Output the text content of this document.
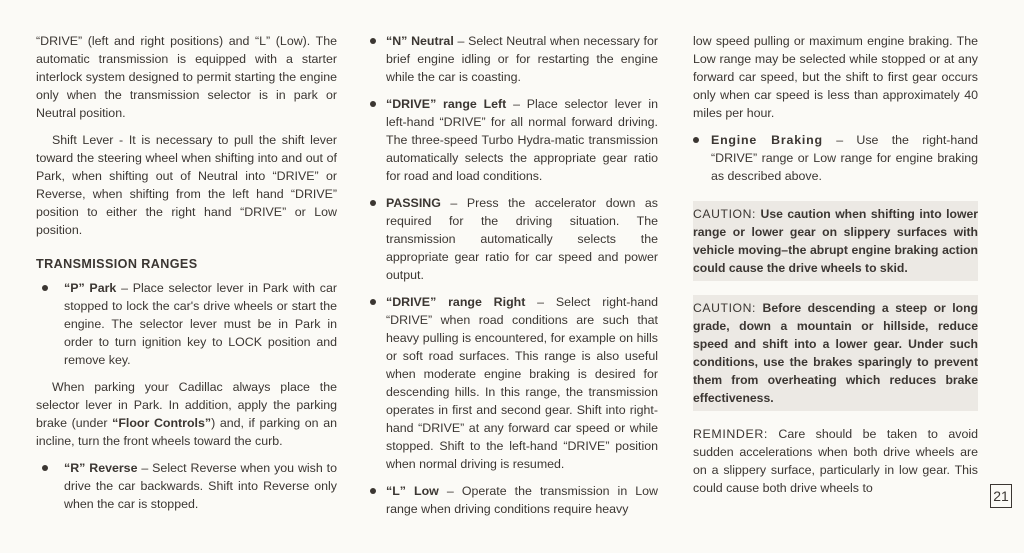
“DRIVE” (left and right positions) and “L” (Low). The automatic transmission is equipped with a starter interlock system designed to permit starting the engine only when the transmission selector is in park or Neutral position.

Shift Lever - It is necessary to pull the shift lever toward the steering wheel when shifting into and out of Park, when shifting out of Neutral into “DRIVE” or Reverse, when shifting from the left hand “DRIVE” position to either the right hand “DRIVE” or Low position.

TRANSMISSION RANGES
“P” Park – Place selector lever in Park with car stopped to lock the car's drive wheels or start the engine. The selector lever must be in Park in order to turn ignition key to LOCK position and remove key.

When parking your Cadillac always place the selector lever in Park. In addition, apply the parking brake (under “Floor Controls”) and, if parking on an incline, turn the front wheels toward the curb.

“R” Reverse – Select Reverse when you wish to drive the car backwards. Shift into Reverse only when the car is stopped.
“N” Neutral – Select Neutral when necessary for brief engine idling or for restarting the engine while the car is coasting.
“DRIVE” range Left – Place selector lever in left-hand “DRIVE” for all normal forward driving. The three-speed Turbo Hydra-matic transmission automatically selects the appropriate gear ratio for road and load conditions.
PASSING – Press the accelerator down as required for the driving situation. The transmission automatically selects the appropriate gear ratio for car speed and power output.
“DRIVE” range Right – Select right-hand “DRIVE” when road conditions are such that heavy pulling is encountered, for example on hills or soft road surfaces. This range is also useful when moderate engine braking is desired for descending hills. In this range, the transmission operates in first and second gear. Shift into right-hand “DRIVE” at any forward car speed or while stopped. Shift to the left-hand “DRIVE” position when normal driving is resumed.
“L” Low – Operate the transmission in Low range when driving conditions require heavy

low speed pulling or maximum engine braking. The Low range may be selected while stopped or at any forward car speed, but the shift to first gear occurs only when car speed is less than approximately 40 miles per hour.

Engine Braking – Use the right-hand “DRIVE” range or Low range for engine braking as described above.
CAUTION: Use caution when shifting into lower range or lower gear on slippery surfaces with vehicle moving–the abrupt engine braking action could cause the drive wheels to skid.
CAUTION: Before descending a steep or long grade, down a mountain or hillside, reduce speed and shift into a lower gear. Under such conditions, use the brakes sparingly to prevent them from overheating which reduces brake effectiveness.

REMINDER: Care should be taken to avoid sudden accelerations when both drive wheels are on a slippery surface, particularly in low gear. This could cause both drive wheels to	21
